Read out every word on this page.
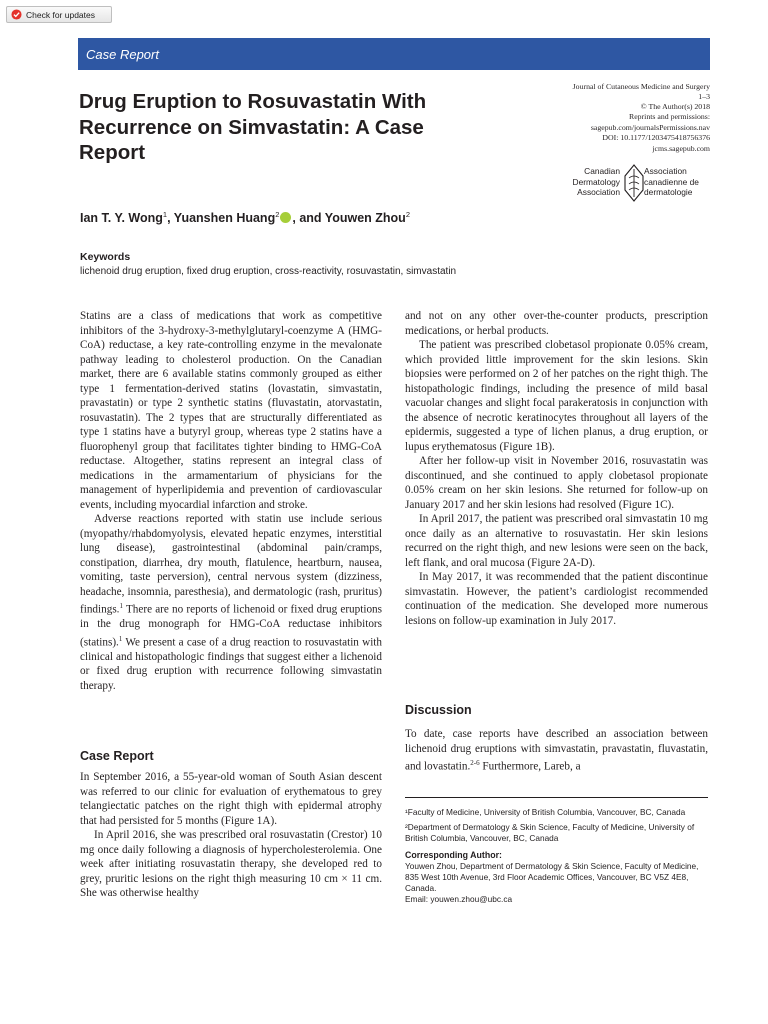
Check for updates
Case Report
Drug Eruption to Rosuvastatin With Recurrence on Simvastatin: A Case Report
Journal of Cutaneous Medicine and Surgery
1–3
© The Author(s) 2018
Reprints and permissions:
sagepub.com/journalsPermissions.nav
DOI: 10.1177/1203475418756376
jcms.sagepub.com
Canadian
Dermatology
Association
Association
canadienne de
dermatologie
Ian T. Y. Wong$^1$, Yuanshen Huang$^2$ , and Youwen Zhou$^2$
Keywords
lichenoid drug eruption, fixed drug eruption, cross-reactivity, rosuvastatin, simvastatin

Statins are a class of medications that work as competitive inhibitors of the 3-hydroxy-3-methylglutaryl-coenzyme A (HMG-CoA) reductase, a key rate-controlling enzyme in the mevalonate pathway leading to cholesterol production. On the Canadian market, there are 6 available statins commonly grouped as either type 1 fermentation-derived statins (lovastatin, simvastatin, pravastatin) or type 2 synthetic statins (fluvastatin, atorvastatin, rosuvastatin). The 2 types that are structurally differentiated as type 1 statins have a butyryl group, whereas type 2 statins have a fluorophenyl group that facilitates tighter binding to HMG-CoA reductase. Altogether, statins represent an integral class of medications in the armamentarium of physicians for the management of hyperlipidemia and prevention of cardiovascular events, including myocardial infarction and stroke.

Adverse reactions reported with statin use include serious (myopathy/rhabdomyolysis, elevated hepatic enzymes, interstitial lung disease), gastrointestinal (abdominal pain/cramps, constipation, diarrhea, dry mouth, flatulence, heartburn, nausea, vomiting, taste perversion), central nervous system (dizziness, headache, insomnia, paresthesia), and dermatologic (rash, pruritus) findings.$^1$ There are no reports of lichenoid or fixed drug eruptions in the drug monograph for HMG-CoA reductase inhibitors (statins).$^1$ We present a case of a drug reaction to rosuvastatin with clinical and histopathologic findings that suggest either a lichenoid or fixed drug eruption with recurrence following simvastatin therapy.

Case Report

In September 2016, a 55-year-old woman of South Asian descent was referred to our clinic for evaluation of erythematous to grey telangiectatic patches on the right thigh with epidermal atrophy that had persisted for 5 months (Figure 1A).

In April 2016, she was prescribed oral rosuvastatin (Crestor) 10 mg once daily following a diagnosis of hypercholesterolemia. One week after initiating rosuvastatin therapy, she developed red to grey, pruritic lesions on the right thigh measuring 10 cm × 11 cm. She was otherwise healthy

and not on any other over-the-counter products, prescription medications, or herbal products.

The patient was prescribed clobetasol propionate 0.05% cream, which provided little improvement for the skin lesions. Skin biopsies were performed on 2 of her patches on the right thigh. The histopathologic findings, including the presence of mild basal vacuolar changes and slight focal parakeratosis in conjunction with the absence of necrotic keratinocytes throughout all layers of the epidermis, suggested a type of lichen planus, a drug eruption, or lupus erythematosus (Figure 1B).

After her follow-up visit in November 2016, rosuvastatin was discontinued, and she continued to apply clobetasol propionate 0.05% cream on her skin lesions. She returned for follow-up on January 2017 and her skin lesions had resolved (Figure 1C).

In April 2017, the patient was prescribed oral simvastatin 10 mg once daily as an alternative to rosuvastatin. Her skin lesions recurred on the right thigh, and new lesions were seen on the back, left flank, and oral mucosa (Figure 2A-D).

In May 2017, it was recommended that the patient discontinue simvastatin. However, the patient’s cardiologist recommended continuation of the medication. She developed more numerous lesions on follow-up examination in July 2017.

Discussion

To date, case reports have described an association between lichenoid drug eruptions with simvastatin, pravastatin, fluvastatin, and lovastatin.$^{2-6}$ Furthermore, Lareb, a

¹Faculty of Medicine, University of British Columbia, Vancouver, BC, Canada

²Department of Dermatology & Skin Science, Faculty of Medicine, University of British Columbia, Vancouver, BC, Canada

Corresponding Author:

Youwen Zhou, Department of Dermatology & Skin Science, Faculty of Medicine, 835 West 10th Avenue, 3rd Floor Academic Offices, Vancouver, BC V5Z 4E8, Canada.

Email: youwen.zhou@ubc.ca
